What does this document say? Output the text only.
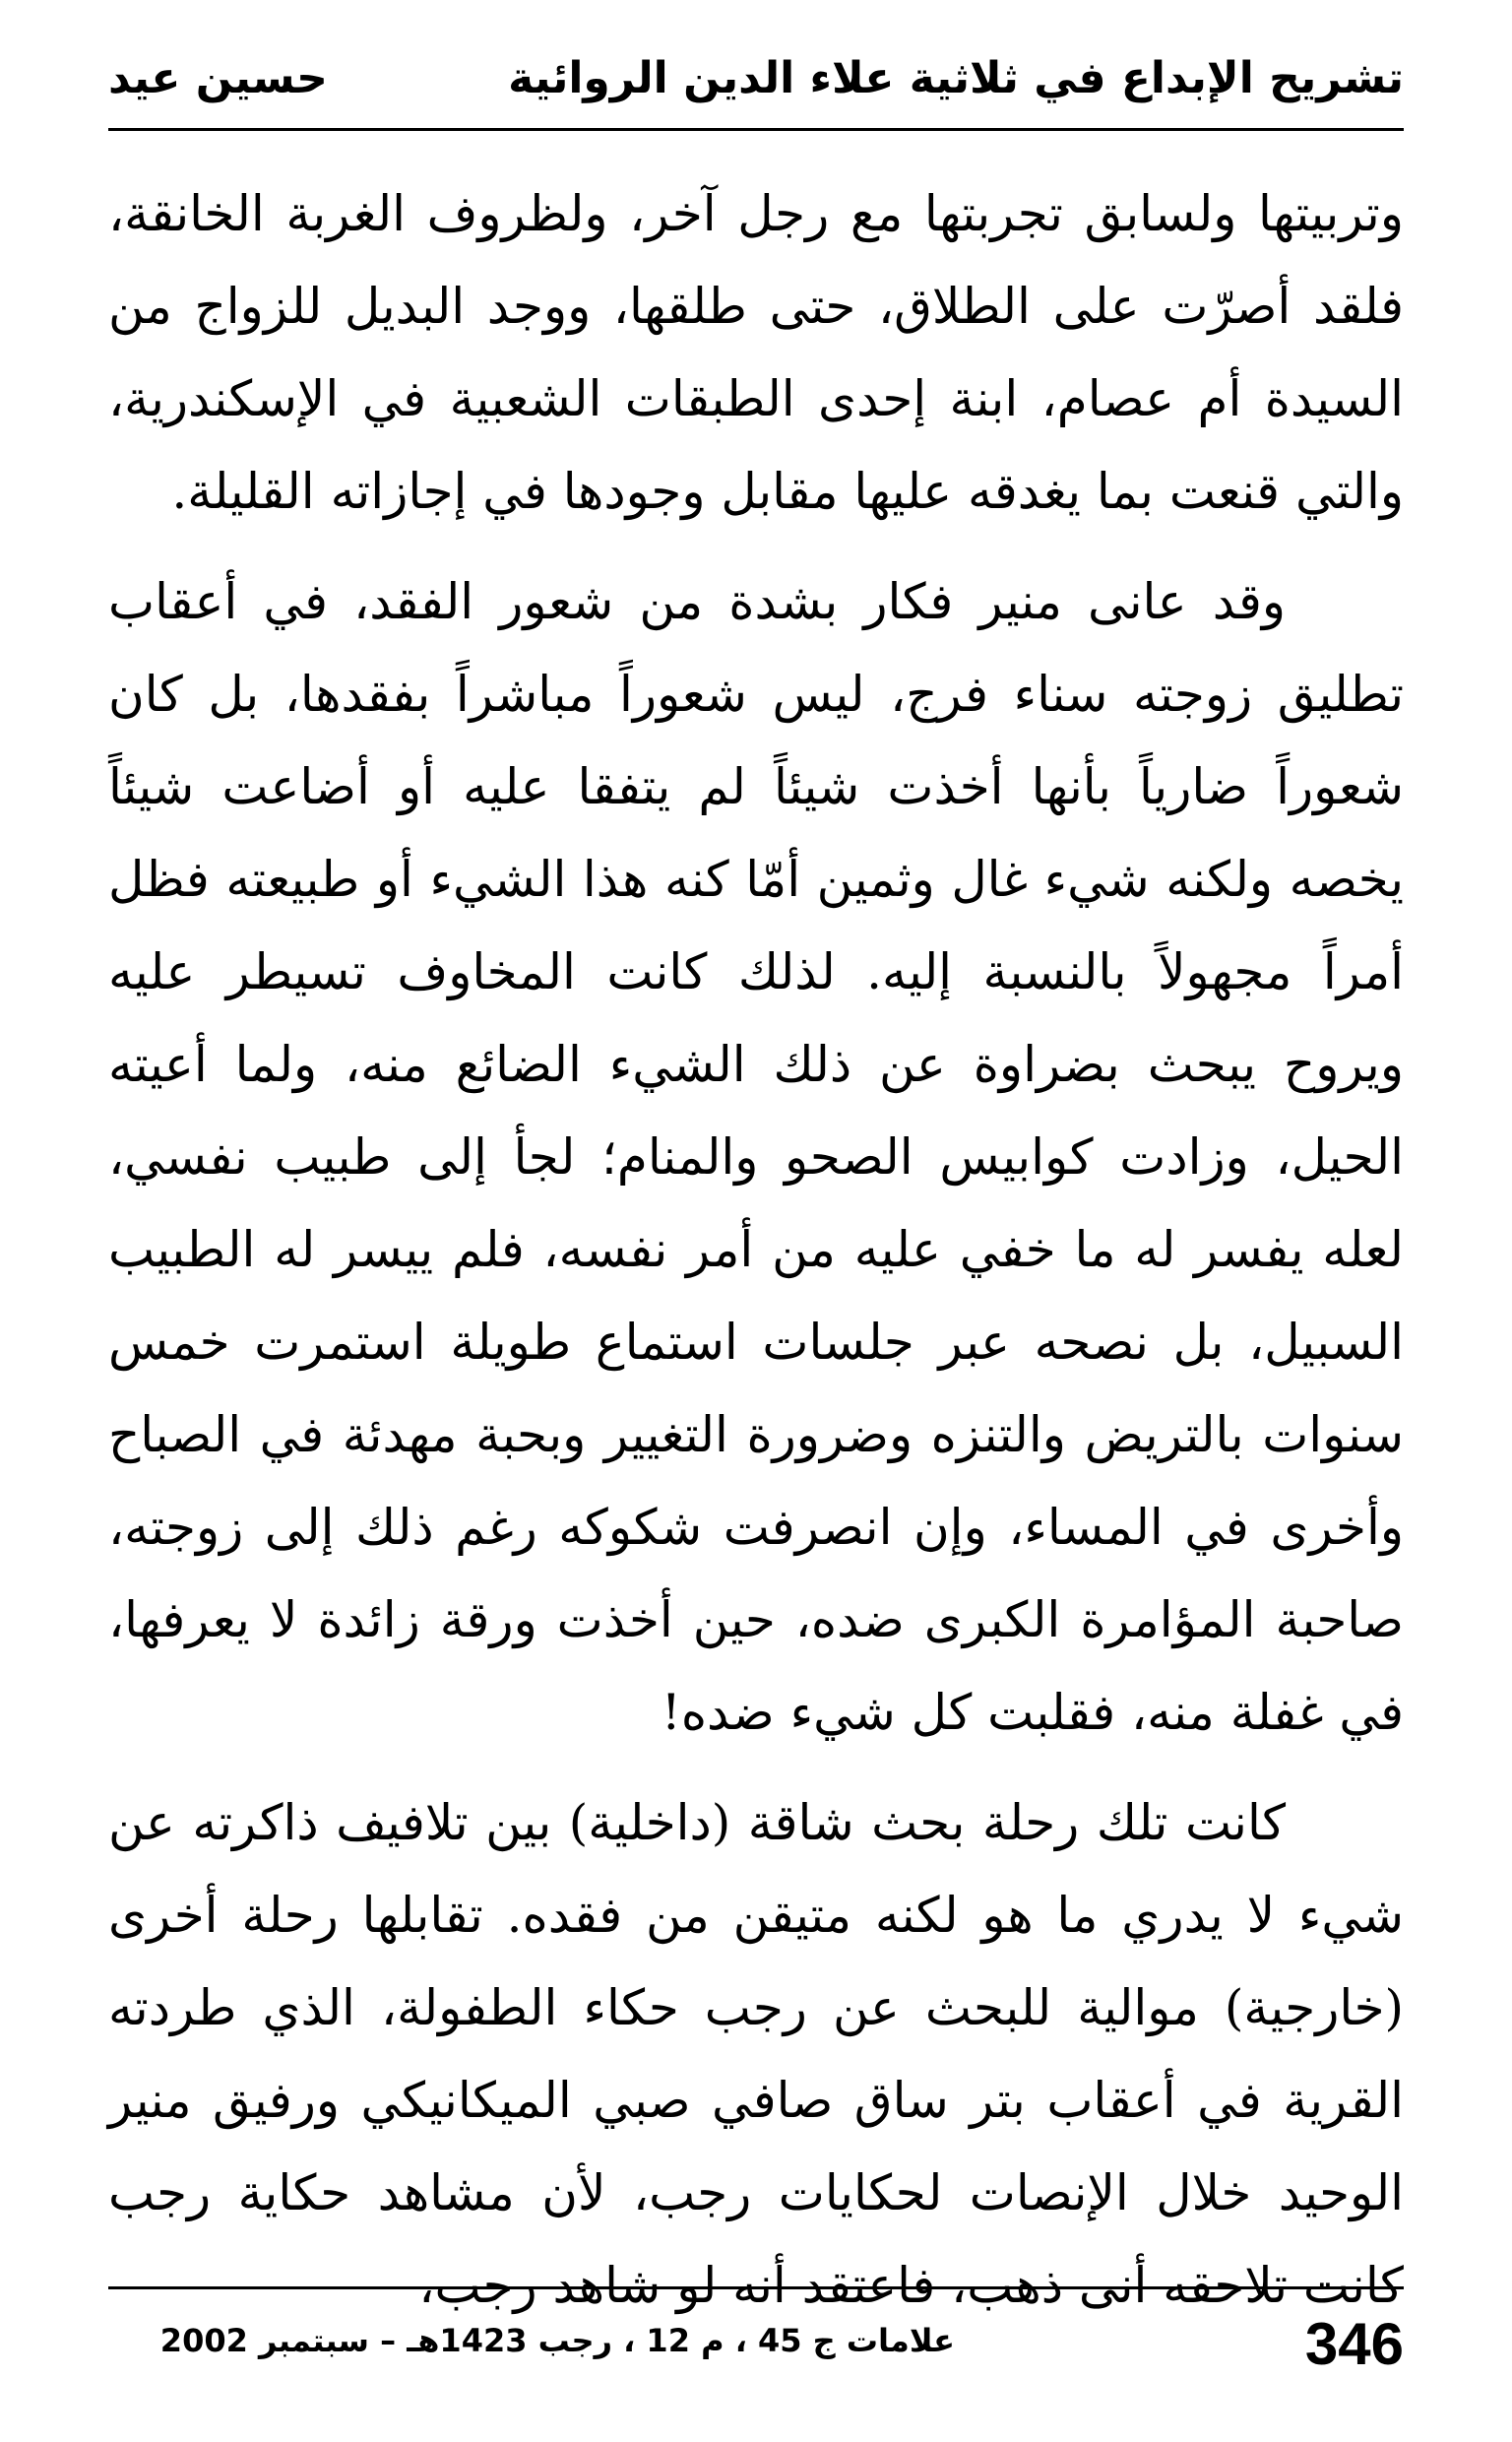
تشريح الإبداع في ثلاثية علاء الدين الروائية
حسين عيد

وتربيتها ولسابق تجربتها مع رجل آخر، ولظروف الغربة الخانقة، فلقد أصرّت على الطلاق، حتى طلقها، ووجد البديل للزواج من السيدة أم عصام، ابنة إحدى الطبقات الشعبية في الإسكندرية، والتي قنعت بما يغدقه عليها مقابل وجودها في إجازاته القليلة.

وقد عانى منير فكار بشدة من شعور الفقد، في أعقاب تطليق زوجته سناء فرج، ليس شعوراً مباشراً بفقدها، بل كان شعوراً ضارياً بأنها أخذت شيئاً لم يتفقا عليه أو أضاعت شيئاً يخصه ولكنه شيء غال وثمين أمّا كنه هذا الشيء أو طبيعته فظل أمراً مجهولاً بالنسبة إليه. لذلك كانت المخاوف تسيطر عليه ويروح يبحث بضراوة عن ذلك الشيء الضائع منه، ولما أعيته الحيل، وزادت كوابيس الصحو والمنام؛ لجأ إلى طبيب نفسي، لعله يفسر له ما خفي عليه من أمر نفسه، فلم ييسر له الطبيب السبيل، بل نصحه عبر جلسات استماع طويلة استمرت خمس سنوات بالتريض والتنزه وضرورة التغيير وبحبة مهدئة في الصباح وأخرى في المساء، وإن انصرفت شكوكه رغم ذلك إلى زوجته، صاحبة المؤامرة الكبرى ضده، حين أخذت ورقة زائدة لا يعرفها، في غفلة منه، فقلبت كل شيء ضده!

كانت تلك رحلة بحث شاقة (داخلية) بين تلافيف ذاكرته عن شيء لا يدري ما هو لكنه متيقن من فقده. تقابلها رحلة أخرى (خارجية) موالية للبحث عن رجب حكاء الطفولة، الذي طردته القرية في أعقاب بتر ساق صافي صبي الميكانيكي ورفيق منير الوحيد خلال الإنصات لحكايات رجب، لأن مشاهد حكاية رجب كانت تلاحقه أنى ذهب، فاعتقد أنه لو شاهد رجب،

346
علامات ج 45 ، م 12 ، رجب 1423هـ – سبتمبر 2002
